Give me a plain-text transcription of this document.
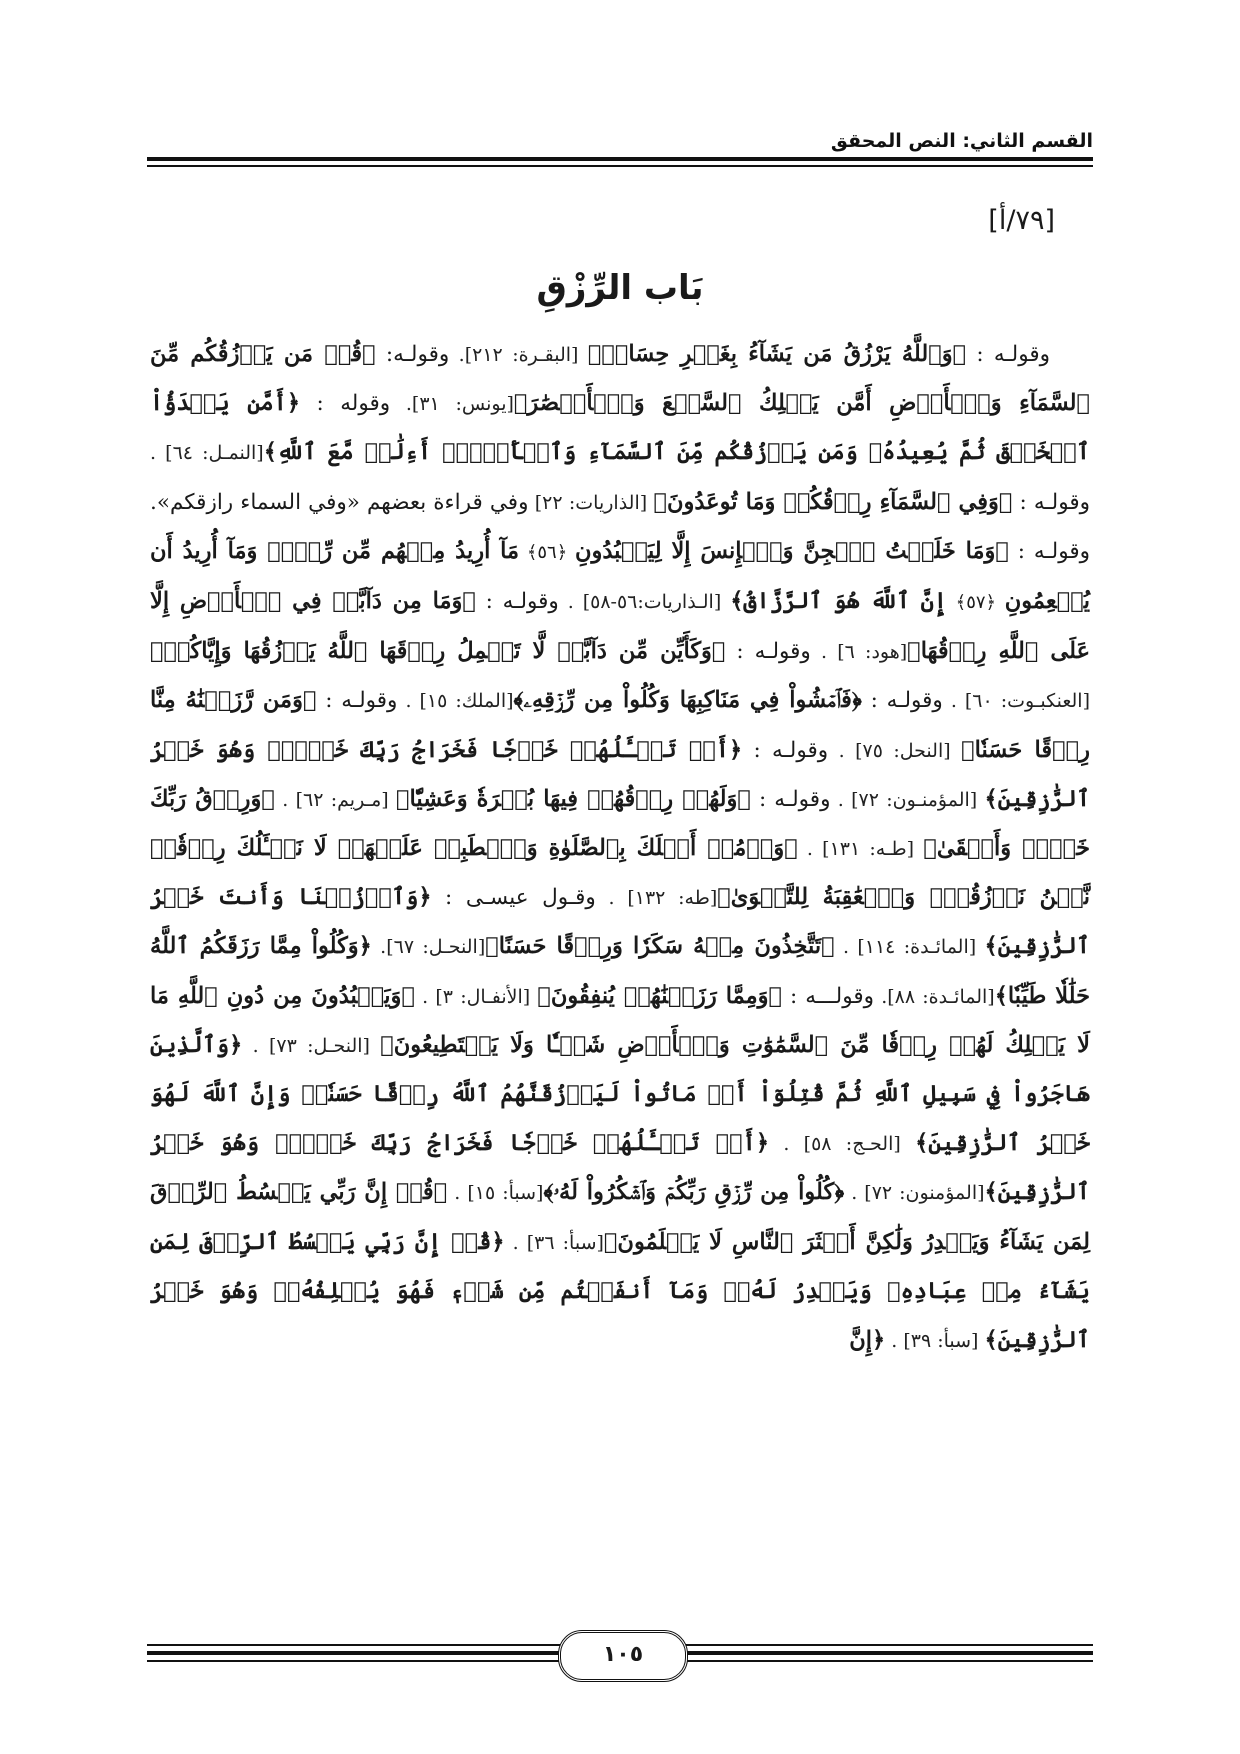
القسم الثاني: النص المحقق
[٧٩/أ]
بَاب الرِّزْقِ

وقولـه : ﴿وَٱللَّهُ يَرْزُقُ مَن يَشَآءُ بِغَيۡرِ حِسَابٖ﴾ [البقـرة: ٢١٢]. وقولـه: ﴿قُلۡ مَن يَرۡزُقُكُم مِّنَ ٱلسَّمَآءِ وَٱلۡأَرۡضِ أَمَّن يَمۡلِكُ ٱلسَّمۡعَ وَٱلۡأَبۡصَٰرَ﴾[يونس: ٣١]. وقوله : ﴿أَمَّن يَبۡدَؤُاْ ٱلۡخَلۡقَ ثُمَّ يُعِيدُهُۥ وَمَن يَرۡزُقُكُم مِّنَ ٱلسَّمَآءِ وَٱلۡأَرۡضِۗ أَءِلَٰهٞ مَّعَ ٱللَّهِ﴾[النمـل: ٦٤] . وقولـه : ﴿وَفِي ٱلسَّمَآءِ رِزۡقُكُمۡ وَمَا تُوعَدُونَ﴾ [الذاريات: ٢٢] وفي قراءة بعضهم «وفي السماء رازقكم». وقولـه : ﴿وَمَا خَلَقۡتُ ٱلۡجِنَّ وَٱلۡإِنسَ إِلَّا لِيَعۡبُدُونِ ﴿٥٦﴾ مَآ أُرِيدُ مِنۡهُم مِّن رِّزۡقٖ وَمَآ أُرِيدُ أَن يُطۡعِمُونِ ﴿٥٧﴾ إِنَّ ٱللَّهَ هُوَ ٱلرَّزَّاقُ﴾ [الـذاريات:٥٦-٥٨] . وقولـه : ﴿وَمَا مِن دَآبَّةٖ فِي ٱلۡأَرۡضِ إِلَّا عَلَى ٱللَّهِ رِزۡقُهَا﴾[هود: ٦] . وقولـه : ﴿وَكَأَيِّن مِّن دَآبَّةٖ لَّا تَحۡمِلُ رِزۡقَهَا ٱللَّهُ يَرۡزُقُهَا وَإِيَّاكُمۡ﴾[العنكبـوت: ٦٠] . وقولـه : ﴿فَٱمۡشُواْ فِي مَنَاكِبِهَا وَكُلُواْ مِن رِّزۡقِهِۦ﴾[الملك: ١٥] . وقولـه : ﴿وَمَن رَّزَقۡنَٰهُ مِنَّا رِزۡقًا حَسَنٗا﴾ [النحل: ٧٥] . وقولـه : ﴿أَمۡ تَسۡـَٔلُهُمۡ خَرۡجٗا فَخَرَاجُ رَبِّكَ خَيۡرٞۖ وَهُوَ خَيۡرُ ٱلرَّٰزِقِينَ﴾ [المؤمنـون: ٧٢] . وقولـه : ﴿وَلَهُمۡ رِزۡقُهُمۡ فِيهَا بُكۡرَةٗ وَعَشِيّٗا﴾ [مـريم: ٦٢] . ﴿وَرِزۡقُ رَبِّكَ خَيۡرٞ وَأَبۡقَىٰ﴾ [طـه: ١٣١] . ﴿وَأۡمُرۡ أَهۡلَكَ بِٱلصَّلَوٰةِ وَٱصۡطَبِرۡ عَلَيۡهَاۖ لَا نَسۡـَٔلُكَ رِزۡقٗاۖ نَّحۡنُ نَرۡزُقُكَۗ وَٱلۡعَٰقِبَةُ لِلتَّقۡوَىٰ﴾[طه: ١٣٢] . وقـول عيسـى : ﴿وَٱرۡزُقۡنَا وَأَنتَ خَيۡرُ ٱلرَّٰزِقِينَ﴾ [المائـدة: ١١٤] . ﴿تَتَّخِذُونَ مِنۡهُ سَكَرٗا وَرِزۡقًا حَسَنًا﴾[النحـل: ٦٧]. ﴿وَكُلُواْ مِمَّا رَزَقَكُمُ ٱللَّهُ حَلَٰلٗا طَيِّبٗا﴾[المائـدة: ٨٨]. وقولـــه : ﴿وَمِمَّا رَزَقۡنَٰهُمۡ يُنفِقُونَ﴾ [الأنفـال: ٣] . ﴿وَيَعۡبُدُونَ مِن دُونِ ٱللَّهِ مَا لَا يَمۡلِكُ لَهُمۡ رِزۡقٗا مِّنَ ٱلسَّمَٰوَٰتِ وَٱلۡأَرۡضِ شَيۡـٔٗا وَلَا يَسۡتَطِيعُونَ﴾ [النحـل: ٧٣] . ﴿وَٱلَّذِينَ هَاجَرُواْ فِي سَبِيلِ ٱللَّهِ ثُمَّ قُتِلُوٓاْ أَوۡ مَاتُواْ لَيَرۡزُقَنَّهُمُ ٱللَّهُ رِزۡقًا حَسَنٗاۚ وَإِنَّ ٱللَّهَ لَهُوَ خَيۡرُ ٱلرَّٰزِقِينَ﴾ [الحـج: ٥٨] . ﴿أَمۡ تَسۡـَٔلُهُمۡ خَرۡجٗا فَخَرَاجُ رَبِّكَ خَيۡرٞۖ وَهُوَ خَيۡرُ ٱلرَّٰزِقِينَ﴾[المؤمنون: ٧٢] . ﴿كُلُواْ مِن رِّزۡقِ رَبِّكُمۡ وَٱشۡكُرُواْ لَهُۥ﴾[سبأ: ١٥] . ﴿قُلۡ إِنَّ رَبِّي يَبۡسُطُ ٱلرِّزۡقَ لِمَن يَشَآءُ وَيَقۡدِرُ وَلَٰكِنَّ أَكۡثَرَ ٱلنَّاسِ لَا يَعۡلَمُونَ﴾[سبأ: ٣٦] . ﴿قُلۡ إِنَّ رَبِّي يَبۡسُطُ ٱلرِّزۡقَ لِمَن يَشَآءُ مِنۡ عِبَادِهِۦ وَيَقۡدِرُ لَهُۥۚ وَمَآ أَنفَقۡتُم مِّن شَيۡءٖ فَهُوَ يُخۡلِفُهُۥۖ وَهُوَ خَيۡرُ ٱلرَّٰزِقِينَ﴾ [سبأ: ٣٩] . ﴿إِنَّ

١٠٥
